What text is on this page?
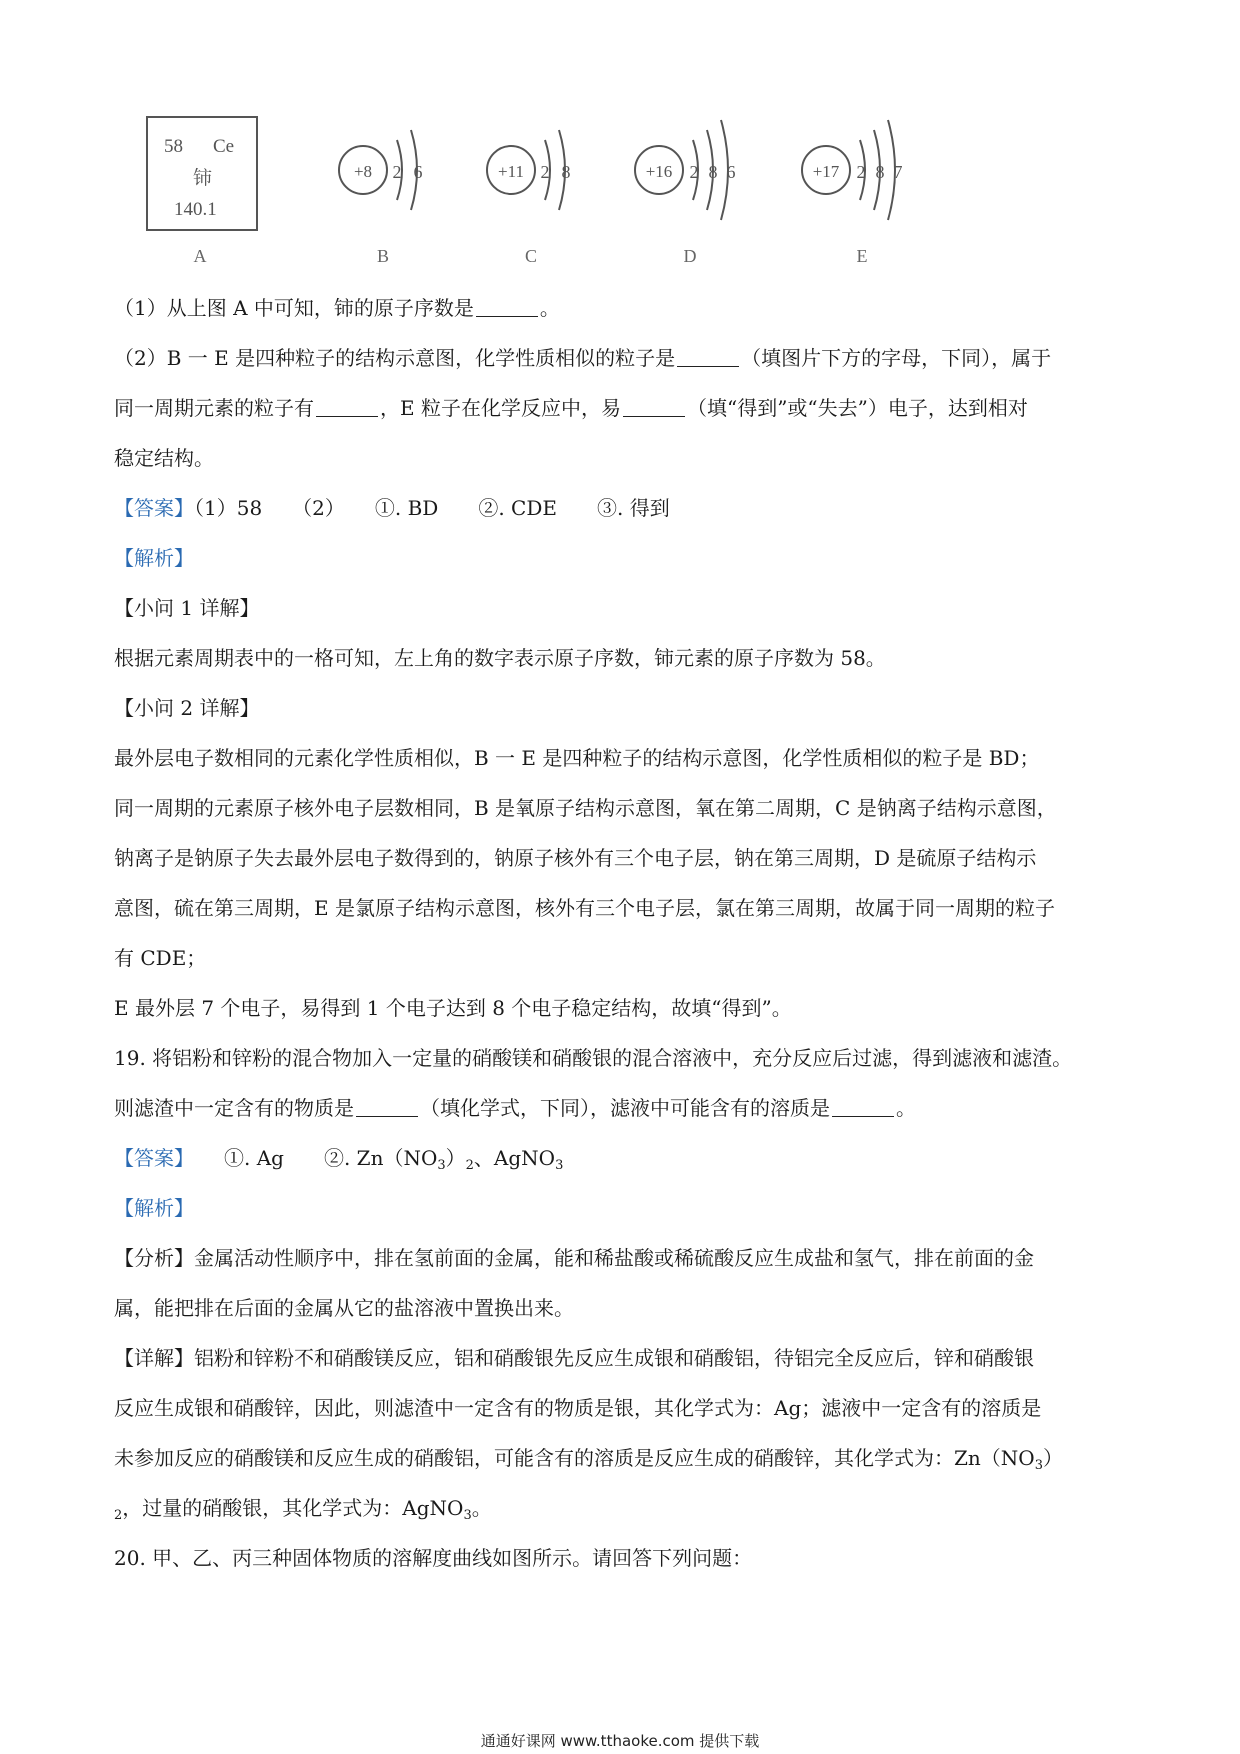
58 Ce
铈
140.1
+8 2 6	+11 2 8	+16 2 8 6	+17 2 8 7
A	B	C	D	E
（1）从上图 A 中可知，铈的原子序数是	。
（2）B 一 E 是四种粒子的结构示意图，化学性质相似的粒子是	（填图片下方的字母，下同），属于
同一周期元素的粒子有	，E 粒子在化学反应中，易	（填“得到”或“失去”）电子，达到相对
稳定结构。
【答案】（1）58　　（2）　　①. BD　　②. CDE　　③. 得到
【解析】
【小问 1 详解】
根据元素周期表中的一格可知，左上角的数字表示原子序数，铈元素的原子序数为 58。
【小问 2 详解】
最外层电子数相同的元素化学性质相似，B 一 E 是四种粒子的结构示意图，化学性质相似的粒子是 BD；
同一周期的元素原子核外电子层数相同，B 是氧原子结构示意图，氧在第二周期，C 是钠离子结构示意图，
钠离子是钠原子失去最外层电子数得到的，钠原子核外有三个电子层，钠在第三周期，D 是硫原子结构示
意图，硫在第三周期，E 是氯原子结构示意图，核外有三个电子层，氯在第三周期，故属于同一周期的粒子
有 CDE；
E 最外层 7 个电子，易得到 1 个电子达到 8 个电子稳定结构，故填“得到”。
19. 将铝粉和锌粉的混合物加入一定量的硝酸镁和硝酸银的混合溶液中，充分反应后过滤，得到滤液和滤渣。
则滤渣中一定含有的物质是	（填化学式，下同），滤液中可能含有的溶质是	。
【答案】　　①. Ag　　②. $Zn(NO_3)_2$、AgNO$_3$
【解析】
【分析】金属活动性顺序中，排在氢前面的金属，能和稀盐酸或稀硫酸反应生成盐和氢气，排在前面的金
属，能把排在后面的金属从它的盐溶液中置换出来。
【详解】铝粉和锌粉不和硝酸镁反应，铝和硝酸银先反应生成银和硝酸铝，待铝完全反应后，锌和硝酸银
反应生成银和硝酸锌，因此，则滤渣中一定含有的物质是银，其化学式为：Ag；滤液中一定含有的溶质是
未参加反应的硝酸镁和反应生成的硝酸铝，可能含有的溶质是反应生成的硝酸锌，其化学式为：$Zn(NO_3)$
$_2$，过量的硝酸银，其化学式为：AgNO$_3$。
20. 甲、乙、丙三种固体物质的溶解度曲线如图所示。请回答下列问题：
通通好课网 www.tthaoke.com 提供下载
